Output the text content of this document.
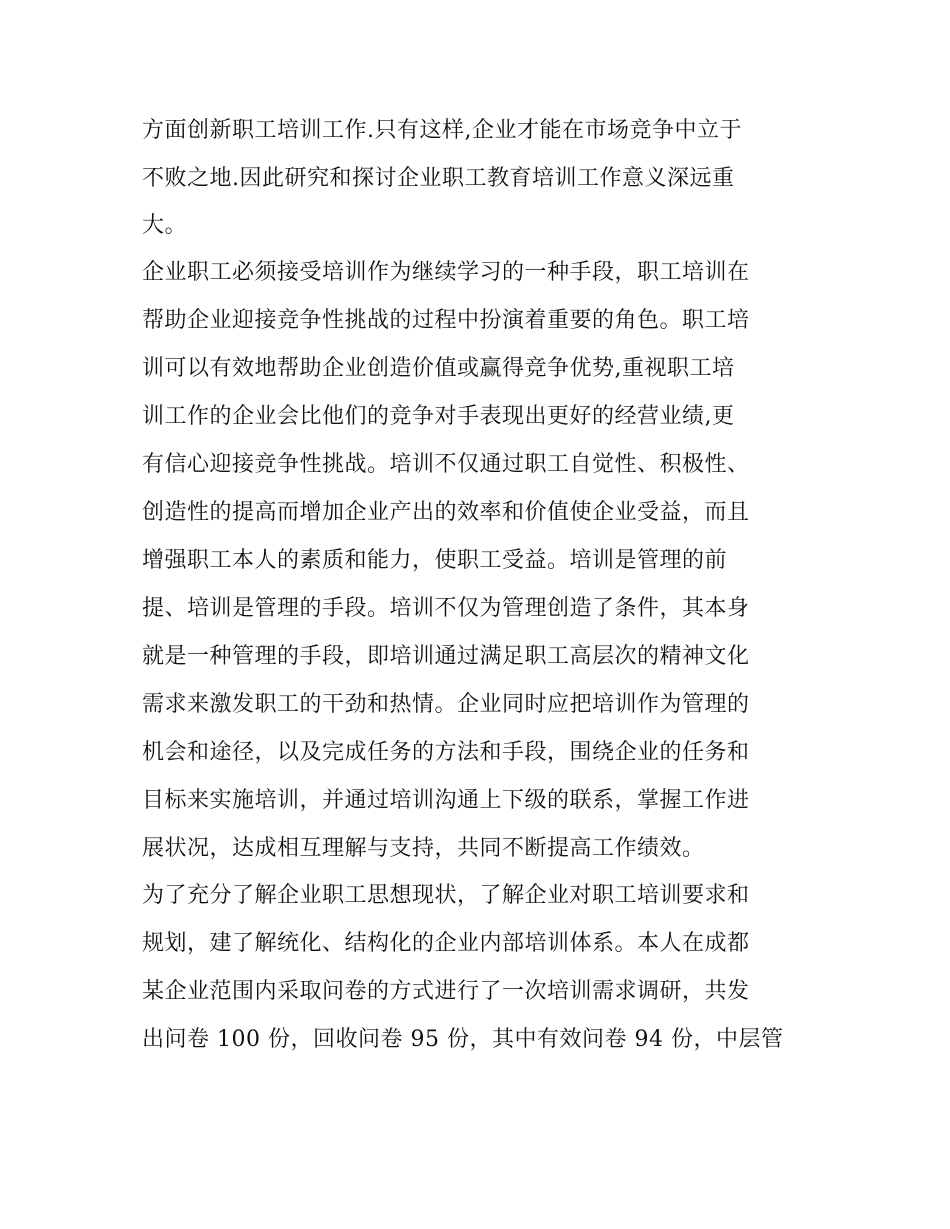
方面创新职工培训工作.只有这样,企业才能在市场竞争中立于
不败之地.因此研究和探讨企业职工教育培训工作意义深远重
大。
企业职工必须接受培训作为继续学习的一种手段，职工培训在
帮助企业迎接竞争性挑战的过程中扮演着重要的角色。职工培
训可以有效地帮助企业创造价值或赢得竞争优势,重视职工培
训工作的企业会比他们的竞争对手表现出更好的经营业绩,更
有信心迎接竞争性挑战。培训不仅通过职工自觉性、积极性、
创造性的提高而增加企业产出的效率和价值使企业受益，而且
增强职工本人的素质和能力，使职工受益。培训是管理的前
提、培训是管理的手段。培训不仅为管理创造了条件，其本身
就是一种管理的手段，即培训通过满足职工高层次的精神文化
需求来激发职工的干劲和热情。企业同时应把培训作为管理的
机会和途径，以及完成任务的方法和手段，围绕企业的任务和
目标来实施培训，并通过培训沟通上下级的联系，掌握工作进
展状况，达成相互理解与支持，共同不断提高工作绩效。
为了充分了解企业职工思想现状，了解企业对职工培训要求和
规划，建了解统化、结构化的企业内部培训体系。本人在成都
某企业范围内采取问卷的方式进行了一次培训需求调研，共发
出问卷 100 份，回收问卷 95 份，其中有效问卷 94 份，中层管
